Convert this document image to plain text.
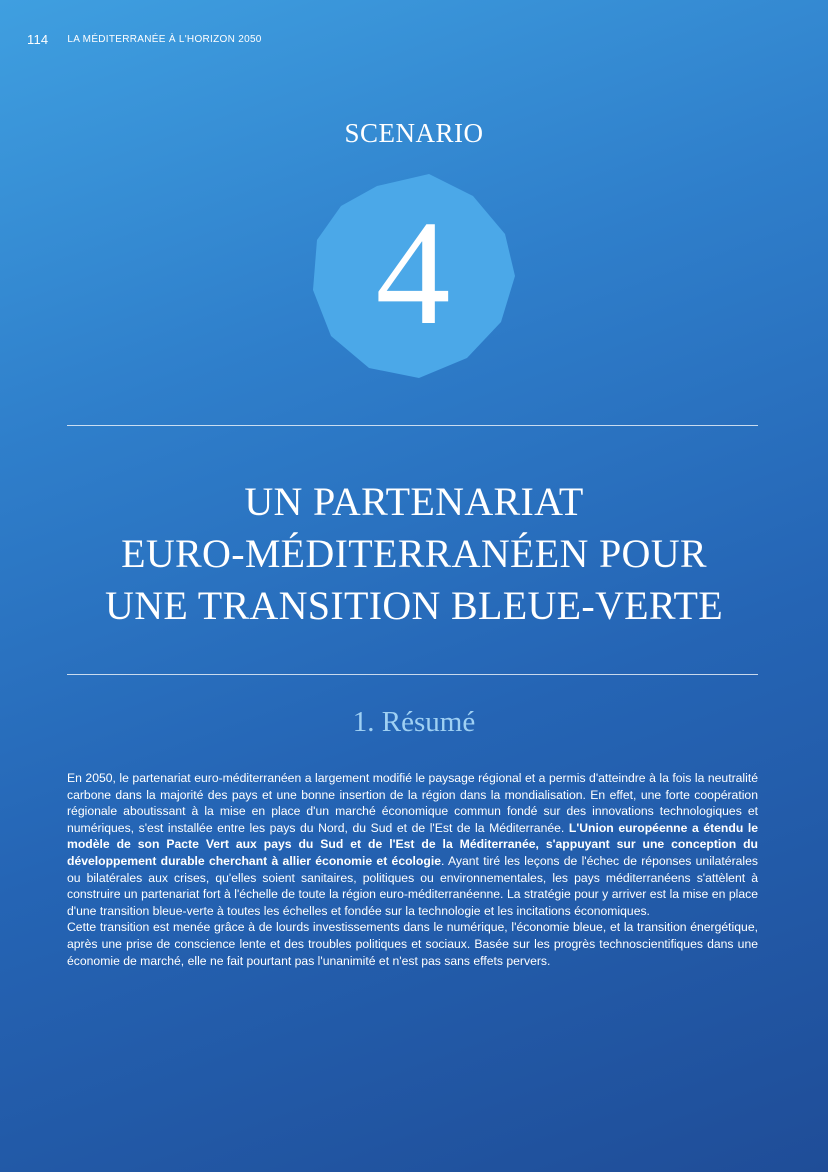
114 LA MÉDITERRANÉE À L'HORIZON 2050
SCENARIO
4
UN PARTENARIAT
EURO-MÉDITERRANÉEN POUR
UNE TRANSITION BLEUE-VERTE
1. Résumé

En 2050, le partenariat euro-méditerranéen a largement modifié le paysage régional et a permis d'atteindre à la fois la neutralité carbone dans la majorité des pays et une bonne insertion de la région dans la mondialisation. En effet, une forte coopération régionale aboutissant à la mise en place d'un marché économique commun fondé sur des innovations technologiques et numériques, s'est installée entre les pays du Nord, du Sud et de l'Est de la Méditerranée. L'Union européenne a étendu le modèle de son Pacte Vert aux pays du Sud et de l'Est de la Méditerranée, s'appuyant sur une conception du développement durable cherchant à allier économie et écologie. Ayant tiré les leçons de l'échec de réponses unilatérales ou bilatérales aux crises, qu'elles soient sanitaires, politiques ou environnementales, les pays méditerranéens s'attèlent à construire un partenariat fort à l'échelle de toute la région euro-méditerranéenne. La stratégie pour y arriver est la mise en place d'une transition bleue-verte à toutes les échelles et fondée sur la technologie et les incitations économiques.

Cette transition est menée grâce à de lourds investissements dans le numérique, l'économie bleue, et la transition énergétique, après une prise de conscience lente et des troubles politiques et sociaux. Basée sur les progrès technoscientifiques dans une économie de marché, elle ne fait pourtant pas l'unanimité et n'est pas sans effets pervers.
